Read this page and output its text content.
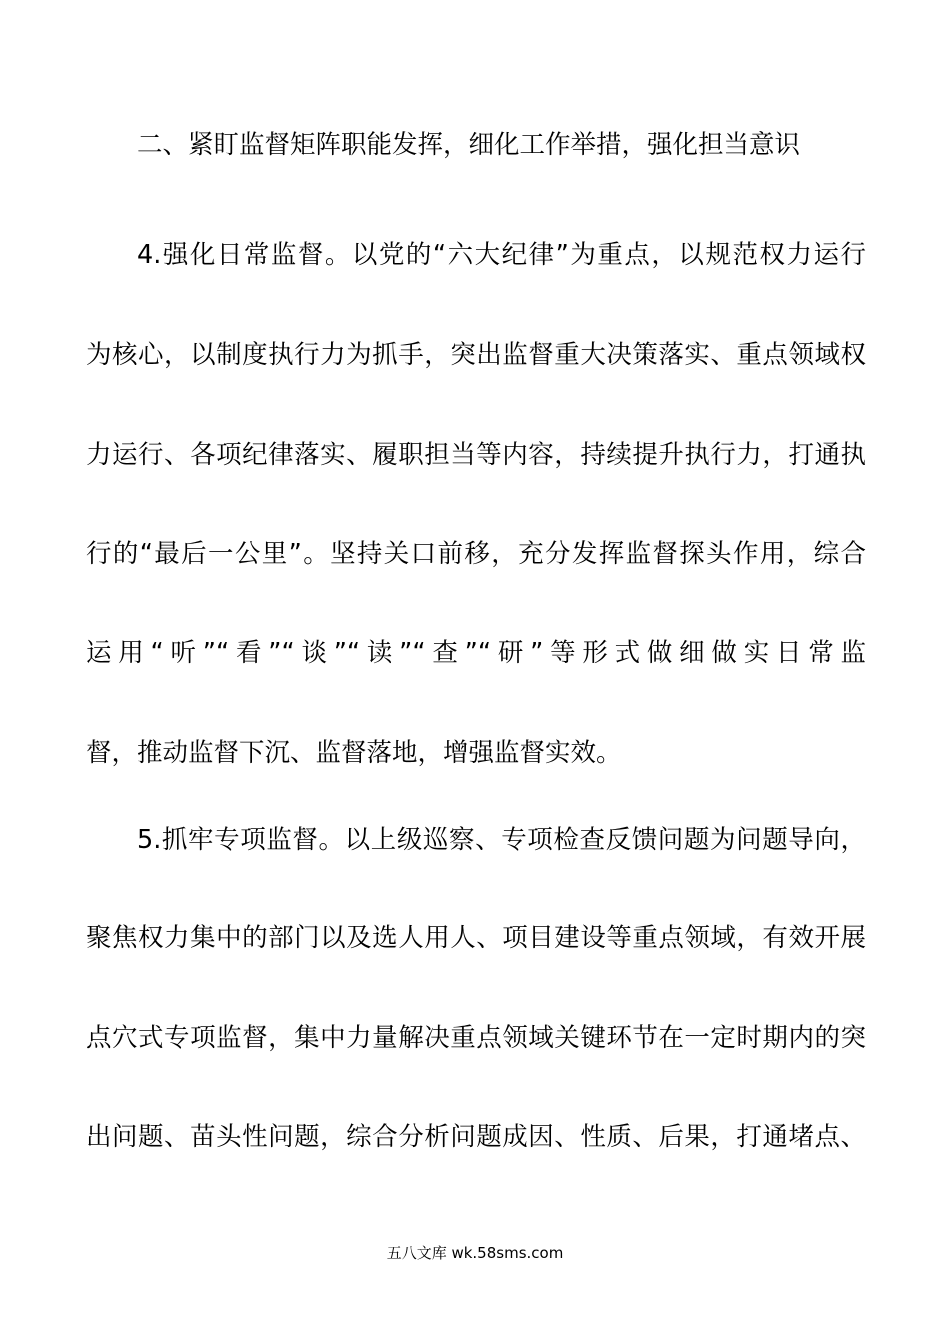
二、紧盯监督矩阵职能发挥，细化工作举措，强化担当意识
4.强化日常监督。以党的“六大纪律”为重点，以规范权力运行
为核心，以制度执行力为抓手，突出监督重大决策落实、重点领域权
力运行、各项纪律落实、履职担当等内容，持续提升执行力，打通执
行的“最后一公里”。坚持关口前移，充分发挥监督探头作用，综合
运用“听”“看”“谈”“读”“查”“研”等形式做细做实日常监
督，推动监督下沉、监督落地，增强监督实效。
5.抓牢专项监督。以上级巡察、专项检查反馈问题为问题导向，
聚焦权力集中的部门以及选人用人、项目建设等重点领域，有效开展
点穴式专项监督，集中力量解决重点领域关键环节在一定时期内的突
出问题、苗头性问题，综合分析问题成因、性质、后果，打通堵点、
五八文库 wk.58sms.com
